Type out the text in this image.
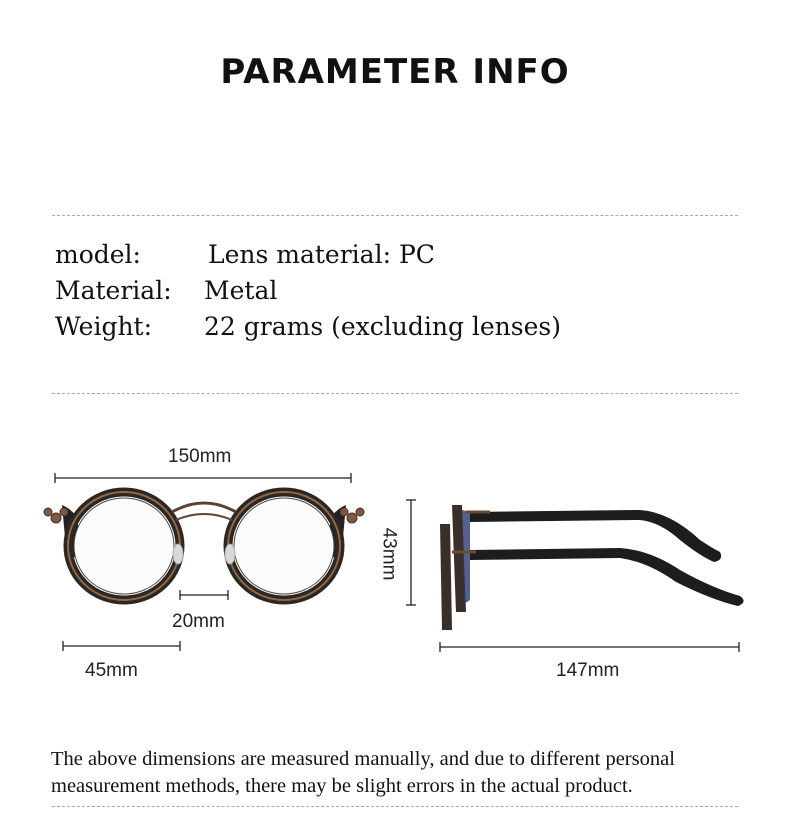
PARAMETER INFO
model:	Lens material: PC
Material: Metal
Weight: 22 grams (excluding lenses)
150mm
20mm
45mm
43mm
147mm
The above dimensions are measured manually, and due to different personal measurement methods, there may be slight errors in the actual product.
